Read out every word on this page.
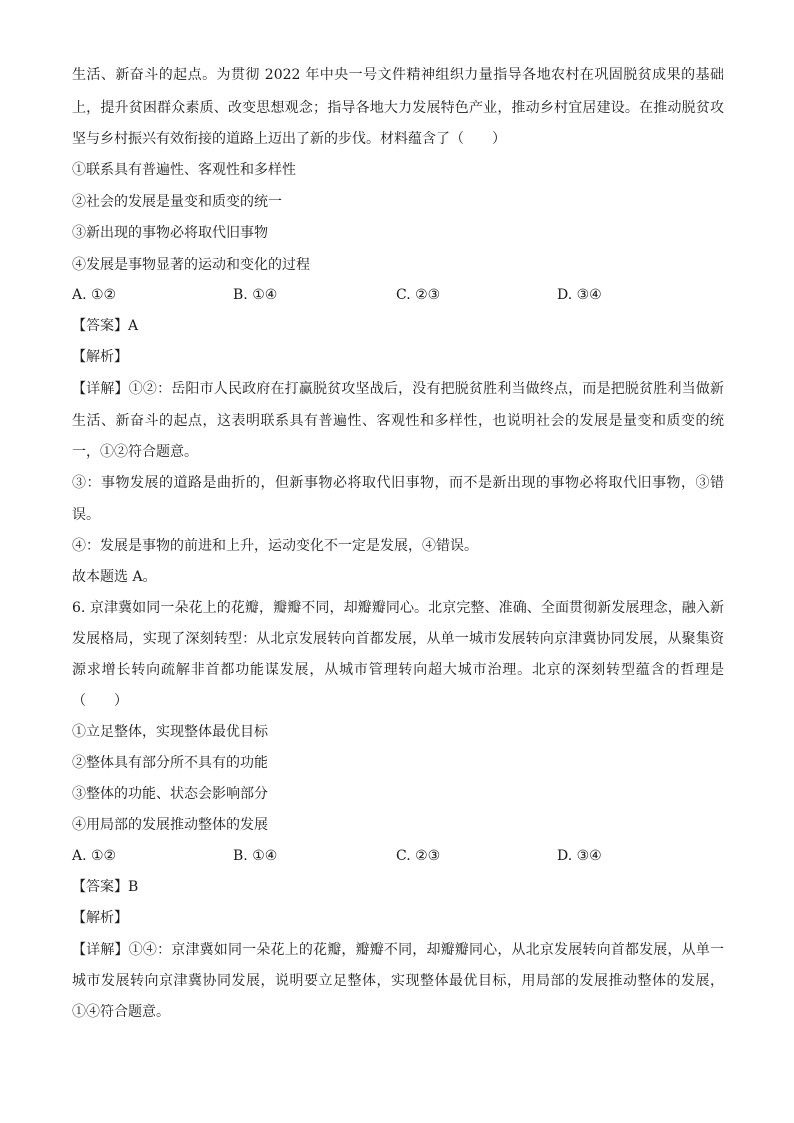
生活、新奋斗的起点。为贯彻 2022 年中央一号文件精神组织力量指导各地农村在巩固脱贫成果的基础
上，提升贫困群众素质、改变思想观念；指导各地大力发展特色产业，推动乡村宜居建设。在推动脱贫攻
坚与乡村振兴有效衔接的道路上迈出了新的步伐。材料蕴含了（　　）
①联系具有普遍性、客观性和多样性
②社会的发展是量变和质变的统一
③新出现的事物必将取代旧事物
④发展是事物显著的运动和变化的过程
A. ①②	B. ①④	C. ②③	D. ③④
【答案】A
【解析】
【详解】①②：岳阳市人民政府在打赢脱贫攻坚战后，没有把脱贫胜利当做终点，而是把脱贫胜利当做新
生活、新奋斗的起点，这表明联系具有普遍性、客观性和多样性，也说明社会的发展是量变和质变的统
一，①②符合题意。
③：事物发展的道路是曲折的，但新事物必将取代旧事物，而不是新出现的事物必将取代旧事物，③错
误。
④：发展是事物的前进和上升，运动变化不一定是发展，④错误。
故本题选 A。
6. 京津冀如同一朵花上的花瓣，瓣瓣不同，却瓣瓣同心。北京完整、准确、全面贯彻新发展理念，融入新
发展格局，实现了深刻转型：从北京发展转向首都发展，从单一城市发展转向京津冀协同发展，从聚集资
源求增长转向疏解非首都功能谋发展，从城市管理转向超大城市治理。北京的深刻转型蕴含的哲理是
（　　）
①立足整体，实现整体最优目标
②整体具有部分所不具有的功能
③整体的功能、状态会影响部分
④用局部的发展推动整体的发展
A. ①②	B. ①④	C. ②③	D. ③④
【答案】B
【解析】
【详解】①④：京津冀如同一朵花上的花瓣，瓣瓣不同，却瓣瓣同心，从北京发展转向首都发展，从单一
城市发展转向京津冀协同发展，说明要立足整体，实现整体最优目标，用局部的发展推动整体的发展，
①④符合题意。
